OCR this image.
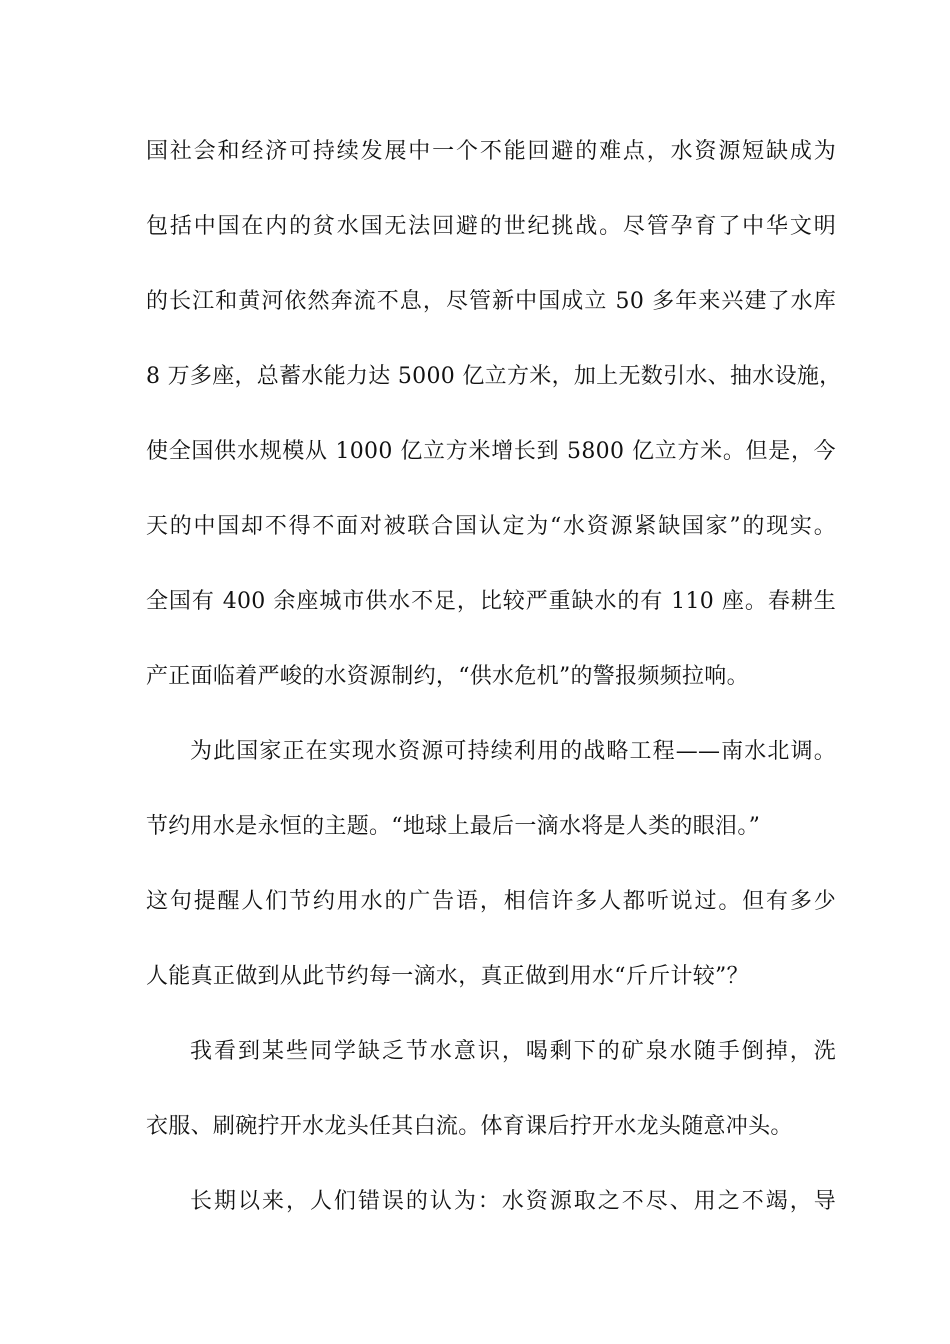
国社会和经济可持续发展中一个不能回避的难点，水资源短缺成为
包括中国在内的贫水国无法回避的世纪挑战。尽管孕育了中华文明
的长江和黄河依然奔流不息，尽管新中国成立 50 多年来兴建了水库
8 万多座，总蓄水能力达 5000 亿立方米，加上无数引水、抽水设施，
使全国供水规模从 1000 亿立方米增长到 5800 亿立方米。但是，今
天的中国却不得不面对被联合国认定为“水资源紧缺国家”的现实。
全国有 400 余座城市供水不足，比较严重缺水的有 110 座。春耕生
产正面临着严峻的水资源制约，“供水危机”的警报频频拉响。
为此国家正在实现水资源可持续利用的战略工程——南水北调。
节约用水是永恒的主题。“地球上最后一滴水将是人类的眼泪。”
这句提醒人们节约用水的广告语，相信许多人都听说过。但有多少
人能真正做到从此节约每一滴水，真正做到用水“斤斤计较”？
我看到某些同学缺乏节水意识，喝剩下的矿泉水随手倒掉，洗
衣服、刷碗拧开水龙头任其白流。体育课后拧开水龙头随意冲头。
长期以来，人们错误的认为：水资源取之不尽、用之不竭，导
